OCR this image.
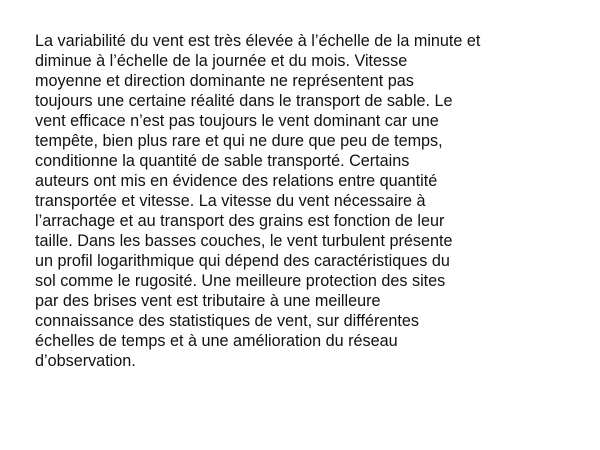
La variabilité du vent est très élevée à l’échelle de la minute et
diminue à l’échelle de la journée et du mois. Vitesse
moyenne et direction dominante ne représentent pas
toujours une certaine réalité dans le transport de sable. Le
vent efficace n’est pas toujours le vent dominant car une
tempête, bien plus rare et qui ne dure que peu de temps,
conditionne la quantité de sable transporté. Certains
auteurs ont mis en évidence des relations entre quantité
transportée et vitesse. La vitesse du vent nécessaire à
l’arrachage et au transport des grains est fonction de leur
taille. Dans les basses couches, le vent turbulent présente
un profil logarithmique qui dépend des caractéristiques du
sol comme le rugosité. Une meilleure protection des sites
par des brises vent est tributaire à une meilleure
connaissance des statistiques de vent, sur différentes
échelles de temps et à une amélioration du réseau
d’observation.
